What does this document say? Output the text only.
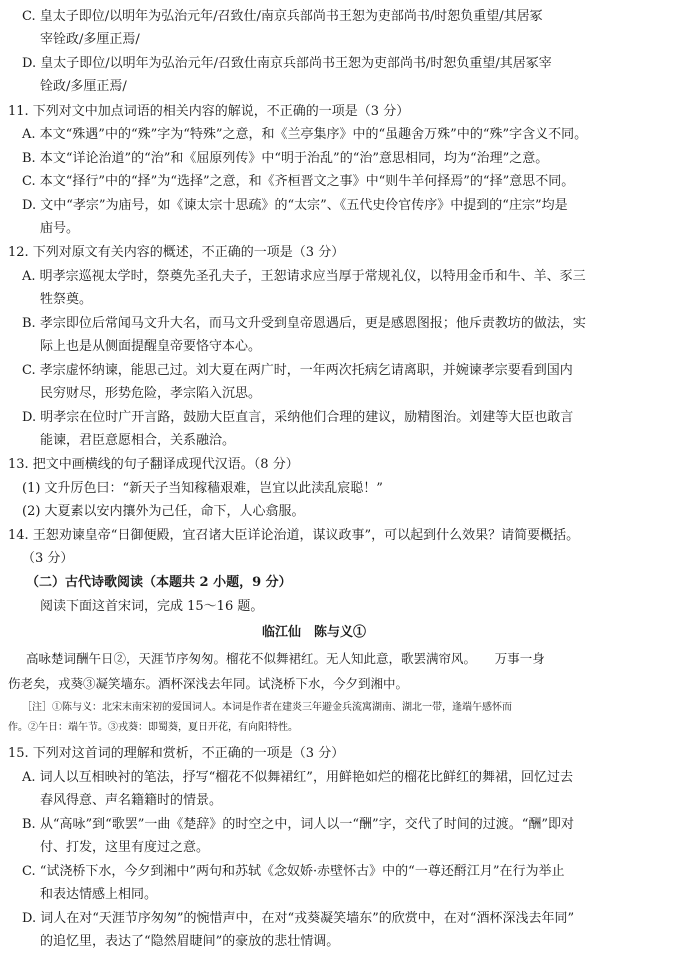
C. 皇太子即位/以明年为弘治元年/召致仕/南京兵部尚书王恕为吏部尚书/时恕负重望/其居冢
宰铨政/多厘正焉/
D. 皇太子即位/以明年为弘治元年/召致仕南京兵部尚书王恕为吏部尚书/时恕负重望/其居冢宰
铨政/多厘正焉/
11. 下列对文中加点词语的相关内容的解说，不正确的一项是（3 分）
A. 本文“殊遇”中的“殊”字为“特殊”之意，和《兰亭集序》中的“虽趣舍万殊”中的“殊”字含义不同。
B. 本文“详论治道”的“治”和《屈原列传》中“明于治乱”的“治”意思相同，均为“治理”之意。
C. 本文“择行”中的“择”为“选择”之意，和《齐桓晋文之事》中“则牛羊何择焉”的“择”意思不同。
D. 文中“孝宗”为庙号，如《谏太宗十思疏》的“太宗”、《五代史伶官传序》中提到的“庄宗”均是
庙号。
12. 下列对原文有关内容的概述，不正确的一项是（3 分）
A. 明孝宗巡视太学时，祭奠先圣孔夫子，王恕请求应当厚于常规礼仪，以特用金币和牛、羊、豕三
牲祭奠。
B. 孝宗即位后常闻马文升大名，而马文升受到皇帝恩遇后，更是感恩图报；他斥责教坊的做法，实
际上也是从侧面提醒皇帝要恪守本心。
C. 孝宗虚怀纳谏，能思己过。刘大夏在两广时，一年两次托病乞请离职，并婉谏孝宗要看到国内
民穷财尽，形势危险，孝宗陷入沉思。
D. 明孝宗在位时广开言路，鼓励大臣直言，采纳他们合理的建议，励精图治。刘建等大臣也敢言
能谏，君臣意愿相合，关系融洽。
13. 把文中画横线的句子翻译成现代汉语。（8 分）
(1) 文升厉色曰：“新天子当知稼穑艰难，岂宜以此渎乱宸聪！”
(2) 大夏素以安内攘外为己任，命下，人心翕服。
14. 王恕劝谏皇帝“日御便殿，宜召诸大臣详论治道，谋议政事”，可以起到什么效果？请简要概括。
（3 分）
（二）古代诗歌阅读（本题共 2 小题，9 分）
阅读下面这首宋词，完成 15～16 题。
临江仙　陈与义①
高咏楚词酬午日②，天涯节序匆匆。榴花不似舞裙红。无人知此意，歌罢满帘风。　　万事一身
伤老矣，戎葵③凝笑墙东。酒杯深浅去年同。试浇桥下水，今夕到湘中。
［注］①陈与义：北宋末南宋初的爱国词人。本词是作者在建炎三年避金兵流寓湖南、湖北一带，逢端午感怀而
作。②午日：端午节。③戎葵：即蜀葵，夏日开花，有向阳特性。
15. 下列对这首词的理解和赏析，不正确的一项是（3 分）
A. 词人以互相映衬的笔法，抒写“榴花不似舞裙红”，用鲜艳如烂的榴花比鲜红的舞裙，回忆过去
春风得意、声名籍籍时的情景。
B. 从“高咏”到“歌罢”一曲《楚辞》的时空之中，词人以一“酬”字，交代了时间的过渡。“酬”即对
付、打发，这里有度过之意。
C. “试浇桥下水，今夕到湘中”两句和苏轼《念奴娇·赤壁怀古》中的“一尊还酹江月”在行为举止
和表达情感上相同。
D. 词人在对“天涯节序匆匆”的惋惜声中，在对“戎葵凝笑墙东”的欣赏中，在对“酒杯深浅去年同”
的追忆里，表达了“隐然眉睫间”的豪放的悲壮情调。
